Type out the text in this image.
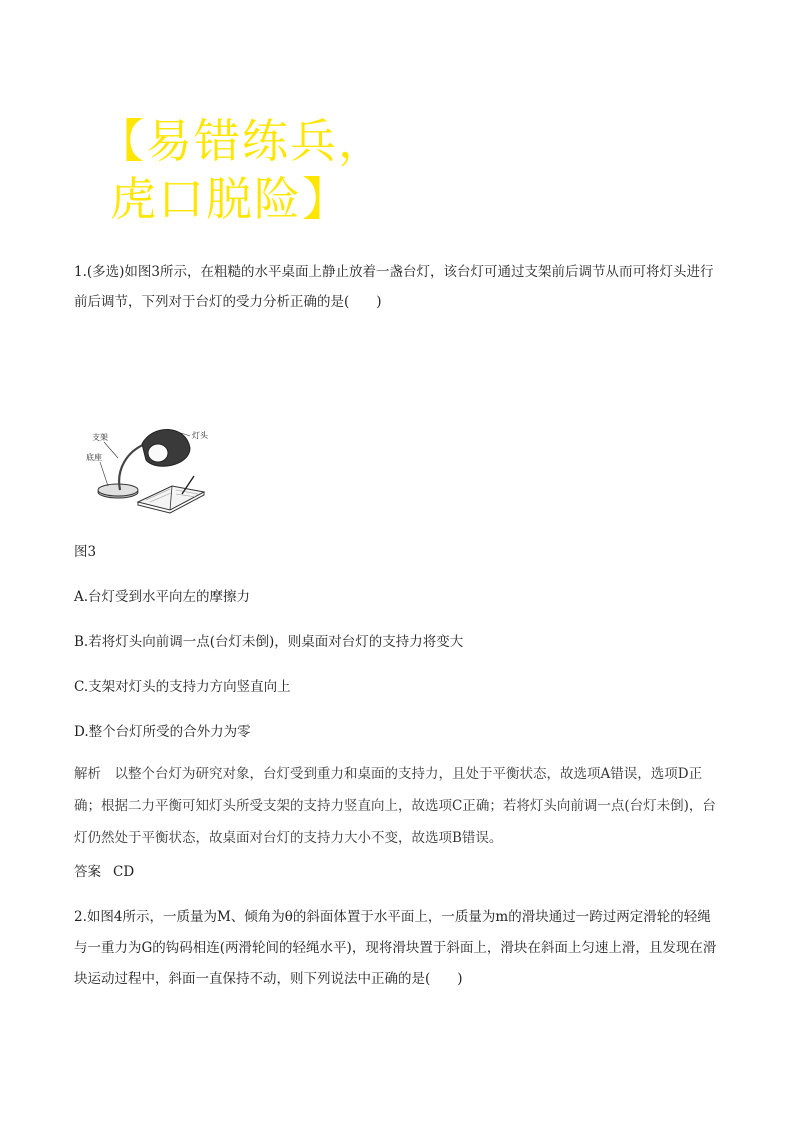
【易错练兵，
虎口脱险】
1.(多选)如图3所示，在粗糙的水平桌面上静止放着一盏台灯，该台灯可通过支架前后调节从而可将灯头进行前后调节，下列对于台灯的受力分析正确的是(　　)
支架
底座
灯头
图3
A.台灯受到水平向左的摩擦力
B.若将灯头向前调一点(台灯未倒)，则桌面对台灯的支持力将变大
C.支架对灯头的支持力方向竖直向上
D.整个台灯所受的合外力为零
解析　以整个台灯为研究对象，台灯受到重力和桌面的支持力，且处于平衡状态，故选项A错误，选项D正确；根据二力平衡可知灯头所受支架的支持力竖直向上，故选项C正确；若将灯头向前调一点(台灯未倒)，台灯仍然处于平衡状态，故桌面对台灯的支持力大小不变，故选项B错误。
答案 CD
2.如图4所示，一质量为M、倾角为θ的斜面体置于水平面上，一质量为m的滑块通过一跨过两定滑轮的轻绳与一重力为G的钩码相连(两滑轮间的轻绳水平)，现将滑块置于斜面上，滑块在斜面上匀速上滑，且发现在滑块运动过程中，斜面一直保持不动，则下列说法中正确的是(　　)
